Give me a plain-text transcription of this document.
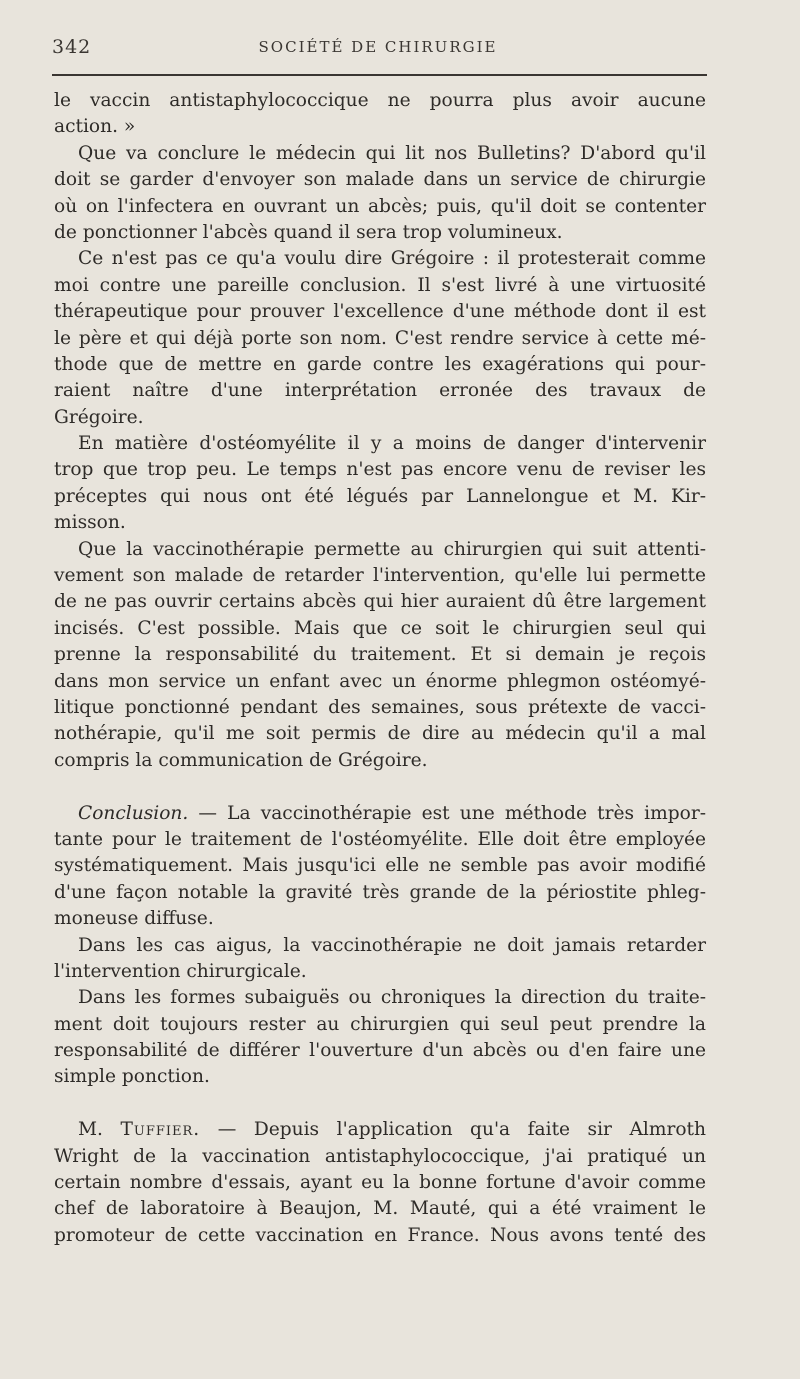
342	SOCIÉTÉ DE CHIRURGIE
le vaccin antistaphylococcique ne pourra plus avoir aucune
action. »
Que va conclure le médecin qui lit nos Bulletins? D'abord qu'il
doit se garder d'envoyer son malade dans un service de chirurgie
où on l'infectera en ouvrant un abcès; puis, qu'il doit se contenter
de ponctionner l'abcès quand il sera trop volumineux.
Ce n'est pas ce qu'a voulu dire Grégoire : il protesterait comme
moi contre une pareille conclusion. Il s'est livré à une virtuosité
thérapeutique pour prouver l'excellence d'une méthode dont il est
le père et qui déjà porte son nom. C'est rendre service à cette mé-
thode que de mettre en garde contre les exagérations qui pour-
raient naître d'une interprétation erronée des travaux de
Grégoire.
En matière d'ostéomyélite il y a moins de danger d'intervenir
trop que trop peu. Le temps n'est pas encore venu de reviser les
préceptes qui nous ont été légués par Lannelongue et M. Kir-
misson.
Que la vaccinothérapie permette au chirurgien qui suit attenti-
vement son malade de retarder l'intervention, qu'elle lui permette
de ne pas ouvrir certains abcès qui hier auraient dû être largement
incisés. C'est possible. Mais que ce soit le chirurgien seul qui
prenne la responsabilité du traitement. Et si demain je reçois
dans mon service un enfant avec un énorme phlegmon ostéomyé-
litique ponctionné pendant des semaines, sous prétexte de vacci-
nothérapie, qu'il me soit permis de dire au médecin qu'il a mal
compris la communication de Grégoire.
Conclusion. — La vaccinothérapie est une méthode très impor-
tante pour le traitement de l'ostéomyélite. Elle doit être employée
systématiquement. Mais jusqu'ici elle ne semble pas avoir modifié
d'une façon notable la gravité très grande de la périostite phleg-
moneuse diffuse.
Dans les cas aigus, la vaccinothérapie ne doit jamais retarder
l'intervention chirurgicale.
Dans les formes subaiguës ou chroniques la direction du traite-
ment doit toujours rester au chirurgien qui seul peut prendre la
responsabilité de différer l'ouverture d'un abcès ou d'en faire une
simple ponction.
M. Tuffier. — Depuis l'application qu'a faite sir Almroth
Wright de la vaccination antistaphylococcique, j'ai pratiqué un
certain nombre d'essais, ayant eu la bonne fortune d'avoir comme
chef de laboratoire à Beaujon, M. Mauté, qui a été vraiment le
promoteur de cette vaccination en France. Nous avons tenté des
